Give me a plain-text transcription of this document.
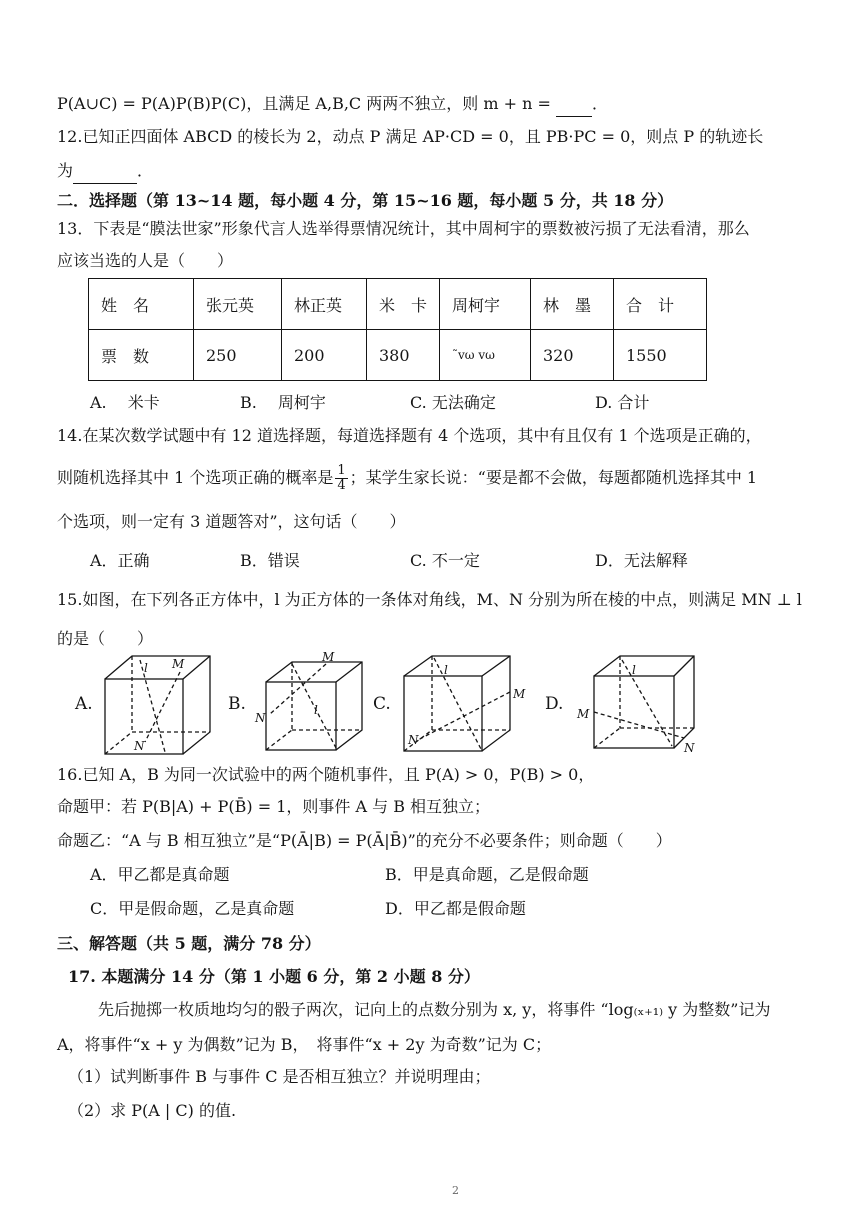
P(A∪C) = P(A)P(B)P(C)，且满足 A,B,C 两两不独立，则 m + n =	．
12.已知正四面体 ABCD 的棱长为 2，动点 P 满足 AP·CD = 0，且 PB·PC = 0，则点 P 的轨迹长
为	．
二．选择题（第 13~14 题，每小题 4 分，第 15~16 题，每小题 5 分，共 18 分）
13．下表是“膜法世家”形象代言人选举得票情况统计，其中周柯宇的票数被污损了无法看清，那么
应该当选的人是（　　）
姓　名	张元英	林正英	米　卡	周柯宇	林　墨	合　计
票　数	250	200	380	˜vω vω	320	1550
A.　 米卡	B.　 周柯宇	C. 无法确定	D. 合计
14.在某次数学试题中有 12 道选择题，每道选择题有 4 个选项，其中有且仅有 1 个选项是正确的，
则随机选择其中 1 个选项正确的概率是 $\frac{1}{4}$ ；某学生家长说：“要是都不会做，每题都随机选择其中 1
个选项，则一定有 3 道题答对”，这句话（　　）
A．正确	B．错误	C. 不一定	D．无法解释
15.如图，在下列各正方体中，l 为正方体的一条体对角线，M、N 分别为所在棱的中点，则满足 MN ⊥ l
的是（　　）
A.
l M
N
B.
M
l
N
C.
l
M
N
D.
l
M
N
16.已知 A，B 为同一次试验中的两个随机事件，且 P(A) > 0，P(B) > 0，
命题甲：若 P(B|A) + P(B̄) = 1，则事件 A 与 B 相互独立；
命题乙：“A 与 B 相互独立”是“P(Ā|B) = P(Ā|B̄)”的充分不必要条件；则命题（　　）
A．甲乙都是真命题	B．甲是真命题，乙是假命题
C．甲是假命题，乙是真命题	D．甲乙都是假命题
三、解答题（共 5 题，满分 78 分）
17. 本题满分 14 分（第 1 小题 6 分，第 2 小题 8 分）
先后抛掷一枚质地均匀的骰子两次，记向上的点数分别为 x, y，将事件 “log₍ₓ₊₁₎ y 为整数”记为
A，将事件“x + y 为偶数”记为 B，　将事件“x + 2y 为奇数”记为 C；
（1）试判断事件 B 与事件 C 是否相互独立？并说明理由；
（2）求 P(A | C) 的值.
2
